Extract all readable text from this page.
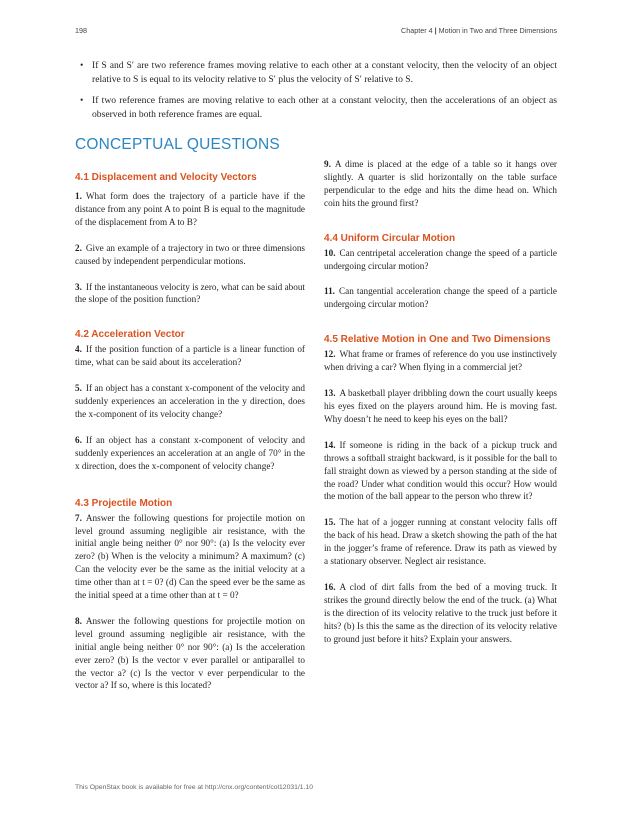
198	Chapter 4 | Motion in Two and Three Dimensions
• If S and S′ are two reference frames moving relative to each other at a constant velocity, then the velocity of an object relative to S is equal to its velocity relative to S′ plus the velocity of S′ relative to S.
• If two reference frames are moving relative to each other at a constant velocity, then the accelerations of an object as observed in both reference frames are equal.
CONCEPTUAL QUESTIONS
4.1 Displacement and Velocity Vectors
1. What form does the trajectory of a particle have if the distance from any point A to point B is equal to the magnitude of the displacement from A to B?
2. Give an example of a trajectory in two or three dimensions caused by independent perpendicular motions.
3. If the instantaneous velocity is zero, what can be said about the slope of the position function?
4.2 Acceleration Vector
4. If the position function of a particle is a linear function of time, what can be said about its acceleration?
5. If an object has a constant x-component of the velocity and suddenly experiences an acceleration in the y direction, does the x-component of its velocity change?
6. If an object has a constant x-component of velocity and suddenly experiences an acceleration at an angle of 70° in the x direction, does the x-component of velocity change?
4.3 Projectile Motion
7. Answer the following questions for projectile motion on level ground assuming negligible air resistance, with the initial angle being neither 0° nor 90°: (a) Is the velocity ever zero? (b) When is the velocity a minimum? A maximum? (c) Can the velocity ever be the same as the initial velocity at a time other than at t = 0? (d) Can the speed ever be the same as the initial speed at a time other than at t = 0?
8. Answer the following questions for projectile motion on level ground assuming negligible air resistance, with the initial angle being neither 0° nor 90°: (a) Is the acceleration ever zero? (b) Is the vector v ever parallel or antiparallel to the vector a? (c) Is the vector v ever perpendicular to the vector a? If so, where is this located?
9. A dime is placed at the edge of a table so it hangs over slightly. A quarter is slid horizontally on the table surface perpendicular to the edge and hits the dime head on. Which coin hits the ground first?
4.4 Uniform Circular Motion
10. Can centripetal acceleration change the speed of a particle undergoing circular motion?
11. Can tangential acceleration change the speed of a particle undergoing circular motion?
4.5 Relative Motion in One and Two Dimensions
12. What frame or frames of reference do you use instinctively when driving a car? When flying in a commercial jet?
13. A basketball player dribbling down the court usually keeps his eyes fixed on the players around him. He is moving fast. Why doesn’t he need to keep his eyes on the ball?
14. If someone is riding in the back of a pickup truck and throws a softball straight backward, is it possible for the ball to fall straight down as viewed by a person standing at the side of the road? Under what condition would this occur? How would the motion of the ball appear to the person who threw it?
15. The hat of a jogger running at constant velocity falls off the back of his head. Draw a sketch showing the path of the hat in the jogger’s frame of reference. Draw its path as viewed by a stationary observer. Neglect air resistance.
16. A clod of dirt falls from the bed of a moving truck. It strikes the ground directly below the end of the truck. (a) What is the direction of its velocity relative to the truck just before it hits? (b) Is this the same as the direction of its velocity relative to ground just before it hits? Explain your answers.
This OpenStax book is available for free at http://cnx.org/content/col12031/1.10
